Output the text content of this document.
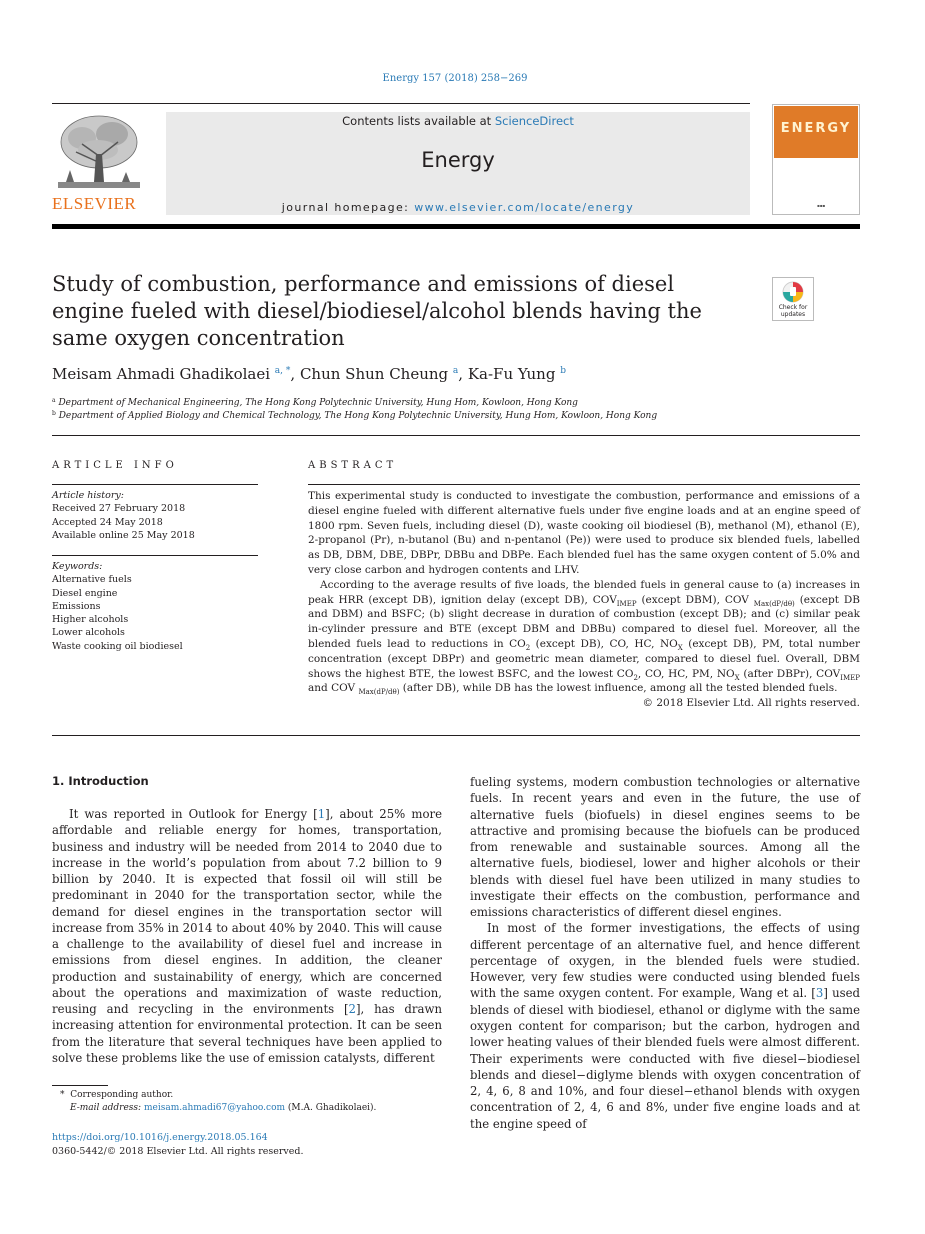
Energy 157 (2018) 258−269
ELSEVIER
Contents lists available at ScienceDirect
Energy
journal homepage: www.elsevier.com/locate/energy
ENERGY
▪▪▪
Study of combustion, performance and emissions of diesel engine fueled with diesel/biodiesel/alcohol blends having the same oxygen concentration
Check for updates
Meisam Ahmadi Ghadikolaei $^{a, *}$, Chun Shun Cheung $^a$, Ka-Fu Yung $^b$
$^a$ Department of Mechanical Engineering, The Hong Kong Polytechnic University, Hung Hom, Kowloon, Hong Kong
$^b$ Department of Applied Biology and Chemical Technology, The Hong Kong Polytechnic University, Hung Hom, Kowloon, Hong Kong
ARTICLE INFO
Article history:
Received 27 February 2018
Accepted 24 May 2018
Available online 25 May 2018
Keywords:
Alternative fuels
Diesel engine
Emissions
Higher alcohols
Lower alcohols
Waste cooking oil biodiesel
ABSTRACT

This experimental study is conducted to investigate the combustion, performance and emissions of a diesel engine fueled with different alternative fuels under five engine loads and at an engine speed of 1800 rpm. Seven fuels, including diesel (D), waste cooking oil biodiesel (B), methanol (M), ethanol (E), 2-propanol (Pr), n-butanol (Bu) and n-pentanol (Pe)) were used to produce six blended fuels, labelled as DB, DBM, DBE, DBPr, DBBu and DBPe. Each blended fuel has the same oxygen content of 5.0% and very close carbon and hydrogen contents and LHV.

According to the average results of five loads, the blended fuels in general cause to (a) increases in peak HRR (except DB), ignition delay (except DB), $COV_{IMEP}$ (except DBM), COV $_{Max(dP/d\theta)}$ (except DB and DBM) and BSFC; (b) slight decrease in duration of combustion (except DB); and (c) similar peak in-cylinder pressure and BTE (except DBM and DBBu) compared to diesel fuel. Moreover, all the blended fuels lead to reductions in $CO_2$ (except DB), CO, HC, $NO_X$ (except DB), PM, total number concentration (except DBPr) and geometric mean diameter, compared to diesel fuel. Overall, DBM shows the highest BTE, the lowest BSFC, and the lowest $CO_2$, CO, HC, PM, $NO_X$ (after DBPr), $COV_{IMEP}$ and COV $_{Max(dP/d\theta)}$ (after DB), while DB has the lowest influence, among all the tested blended fuels.

© 2018 Elsevier Ltd. All rights reserved.

1. Introduction

It was reported in Outlook for Energy [1], about 25% more affordable and reliable energy for homes, transportation, business and industry will be needed from 2014 to 2040 due to increase in the world’s population from about 7.2 billion to 9 billion by 2040. It is expected that fossil oil will still be predominant in 2040 for the transportation sector, while the demand for diesel engines in the transportation sector will increase from 35% in 2014 to about 40% by 2040. This will cause a challenge to the availability of diesel fuel and increase in emissions from diesel engines. In addition, the cleaner production and sustainability of energy, which are concerned about the operations and maximization of waste reduction, reusing and recycling in the environments [2], has drawn increasing attention for environmental protection. It can be seen from the literature that several techniques have been applied to solve these problems like the use of emission catalysts, different

fueling systems, modern combustion technologies or alternative fuels. In recent years and even in the future, the use of alternative fuels (biofuels) in diesel engines seems to be attractive and promising because the biofuels can be produced from renewable and sustainable sources. Among all the alternative fuels, biodiesel, lower and higher alcohols or their blends with diesel fuel have been utilized in many studies to investigate their effects on the combustion, performance and emissions characteristics of different diesel engines.

In most of the former investigations, the effects of using different percentage of an alternative fuel, and hence different percentage of oxygen, in the blended fuels were studied. However, very few studies were conducted using blended fuels with the same oxygen content. For example, Wang et al. [3] used blends of diesel with biodiesel, ethanol or diglyme with the same oxygen content for comparison; but the carbon, hydrogen and lower heating values of their blended fuels were almost different. Their experiments were conducted with five diesel−biodiesel blends and diesel−diglyme blends with oxygen concentration of 2, 4, 6, 8 and 10%, and four diesel−ethanol blends with oxygen concentration of 2, 4, 6 and 8%, under five engine loads and at the engine speed of

* Corresponding author.
E-mail address: meisam.ahmadi67@yahoo.com (M.A. Ghadikolaei).
https://doi.org/10.1016/j.energy.2018.05.164
0360-5442/© 2018 Elsevier Ltd. All rights reserved.
